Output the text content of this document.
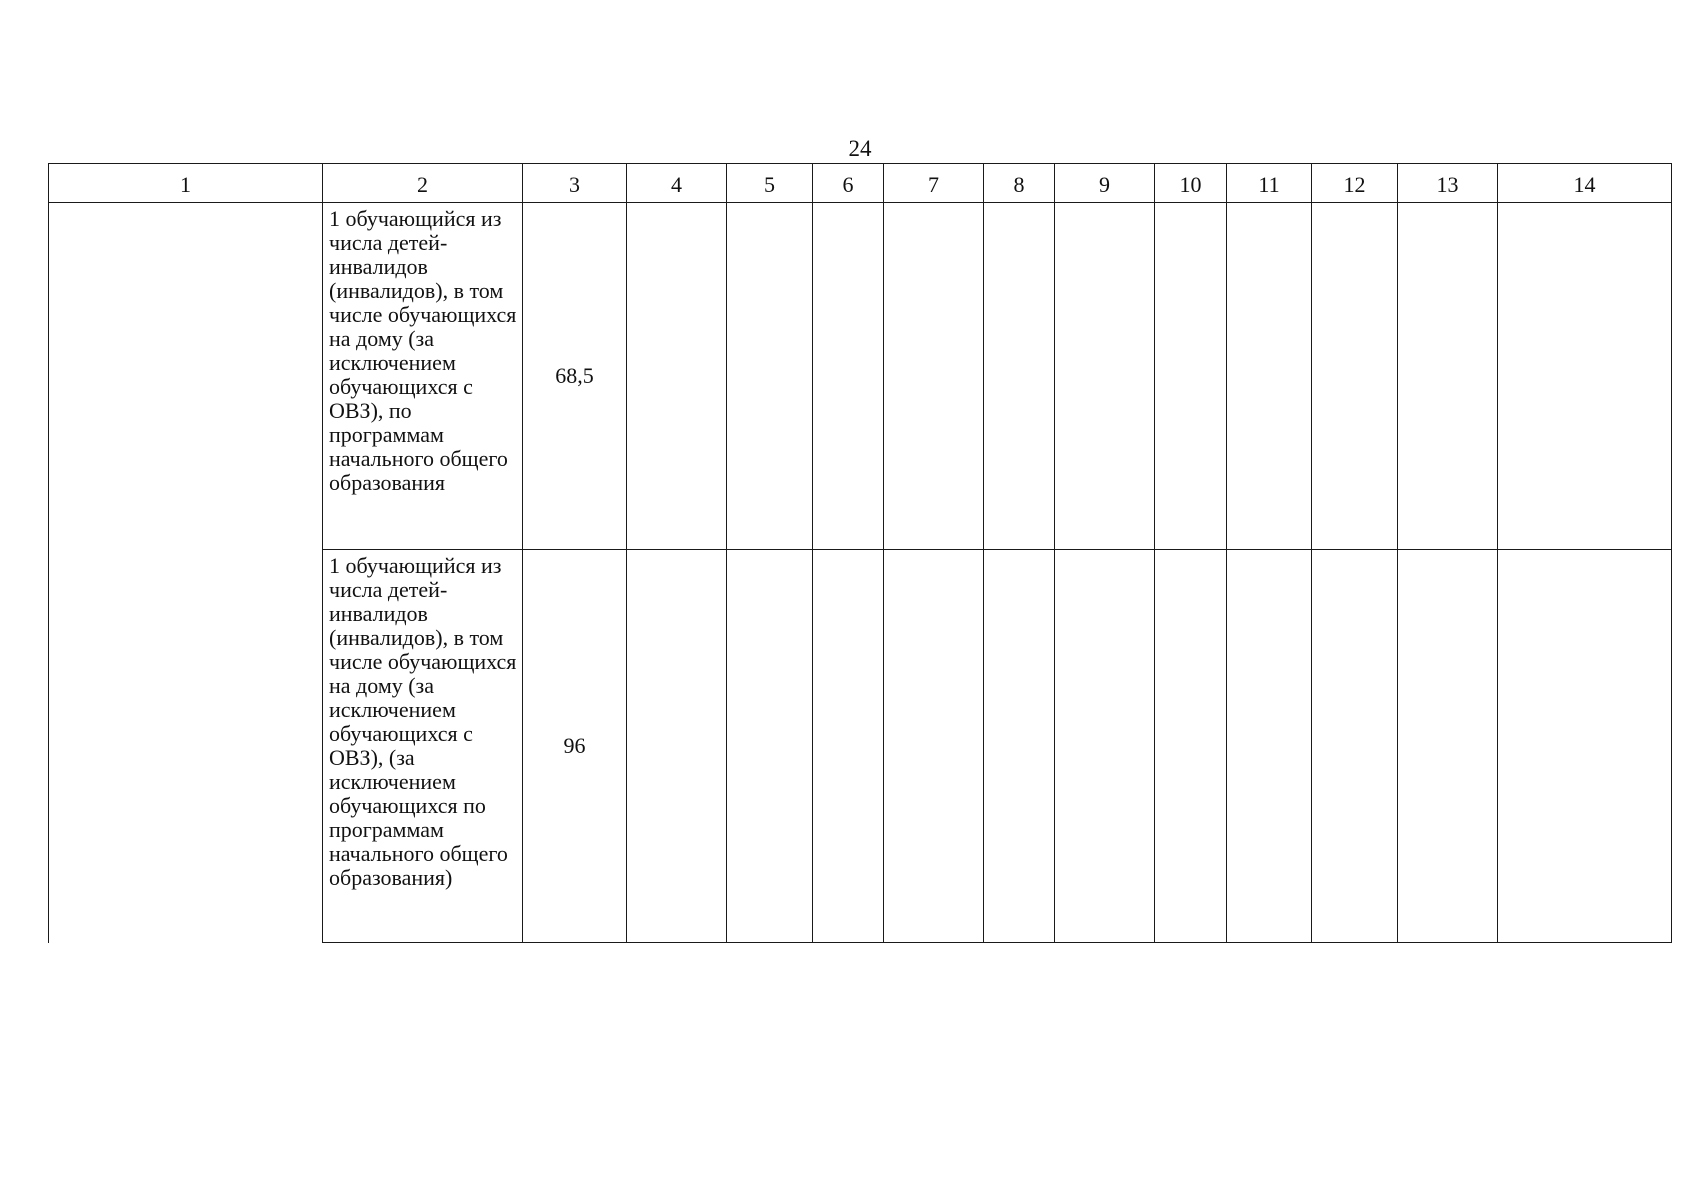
24
1	2	3	4	5	6	7	8	9	10	11	12	13	14
	1 обучающийся из числа детей-инвалидов (инвалидов), в том числе обучающихся на дому (за исключением обучающихся с ОВЗ), по программам начального общего образования	68,5											
	1 обучающийся из числа детей-инвалидов (инвалидов), в том числе обучающихся на дому (за исключением обучающихся с ОВЗ), (за исключением обучающихся по программам начального общего образования)	96											
